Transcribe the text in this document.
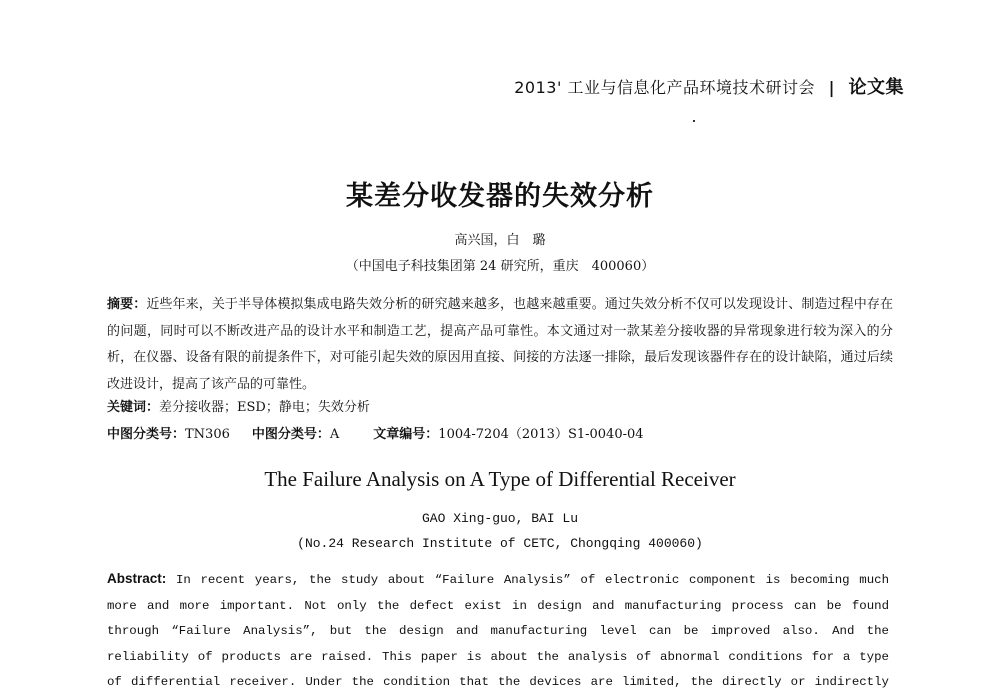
2013' 工业与信息化产品环境技术研讨会 | 论文集
某差分收发器的失效分析
高兴国，白　璐
（中国电子科技集团第 24 研究所，重庆　400060）
摘要：近些年来，关于半导体模拟集成电路失效分析的研究越来越多，也越来越重要。通过失效分析不仅可以发现设计、制造过程中存在的问题，同时可以不断改进产品的设计水平和制造工艺，提高产品可靠性。本文通过对一款某差分接收器的异常现象进行较为深入的分析，在仪器、设备有限的前提条件下，对可能引起失效的原因用直接、间接的方法逐一排除，最后发现该器件存在的设计缺陷，通过后续改进设计，提高了该产品的可靠性。
关键词：差分接收器；ESD；静电；失效分析
中图分类号：TN306 中图分类号：A	文章编号：1004-7204（2013）S1-0040-04
The Failure Analysis on A Type of Differential Receiver
GAO Xing-guo, BAI Lu
(No.24 Research Institute of CETC, Chongqing 400060)
Abstract: In recent years, the study about “Failure Analysis” of electronic component is becoming much
more and more important. Not only the defect exist in design and manufacturing process can be found
through “Failure Analysis”, but the design and manufacturing level can be improved also. And the
reliability of products are raised. This paper is about the analysis of abnormal conditions for a type
of differential receiver. Under the condition that the devices are limited, the directly or indirectly
